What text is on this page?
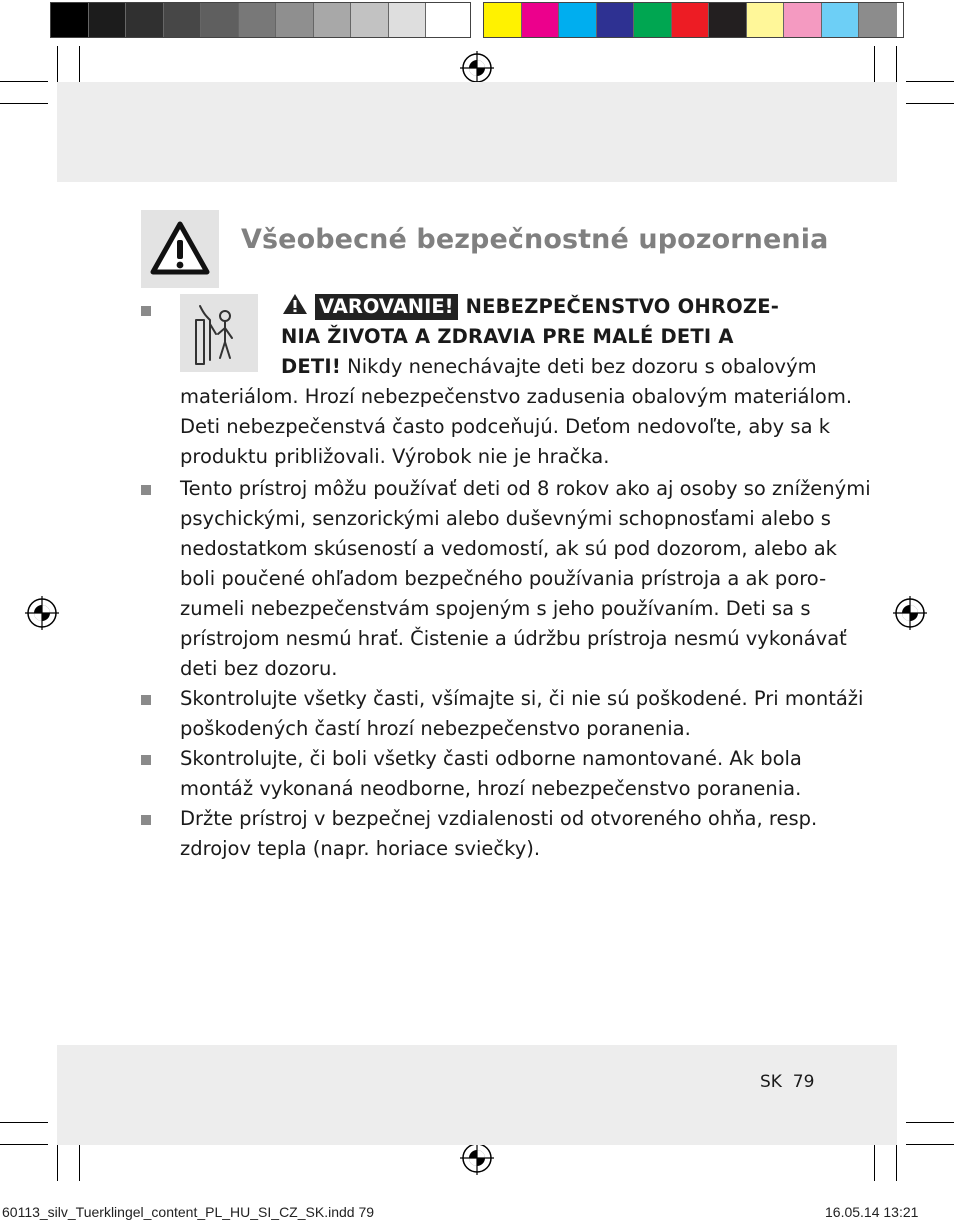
Všeobecné bezpečnostné upozornenia
VAROVANIE! NEBEZPEČENSTVO OHROZE-
NIA ŽIVOTA A ZDRAVIA PRE MALÉ DETI A
DETI! Nikdy nenechávajte deti bez dozoru s obalovým
materiálom. Hrozí nebezpečenstvo zadusenia obalovým materiálom.
Deti nebezpečenstvá často podceňujú. Deťom nedovoľte, aby sa k
produktu približovali. Výrobok nie je hračka.
Tento prístroj môžu používať deti od 8 rokov ako aj osoby so zníženými
psychickými, senzorickými alebo duševnými schopnosťami alebo s
nedostatkom skúseností a vedomostí, ak sú pod dozorom, alebo ak
boli poučené ohľadom bezpečného používania prístroja a ak poro-
zumeli nebezpečenstvám spojeným s jeho používaním. Deti sa s
prístrojom nesmú hrať. Čistenie a údržbu prístroja nesmú vykonávať
deti bez dozoru.
Skontrolujte všetky časti, všímajte si, či nie sú poškodené. Pri montáži
poškodených častí hrozí nebezpečenstvo poranenia.
Skontrolujte, či boli všetky časti odborne namontované. Ak bola
montáž vykonaná neodborne, hrozí nebezpečenstvo poranenia.
Držte prístroj v bezpečnej vzdialenosti od otvoreného ohňa, resp.
zdrojov tepla (napr. horiace sviečky).
SK 79
60113_silv_Tuerklingel_content_PL_HU_SI_CZ_SK.indd 79	16.05.14 13:21
